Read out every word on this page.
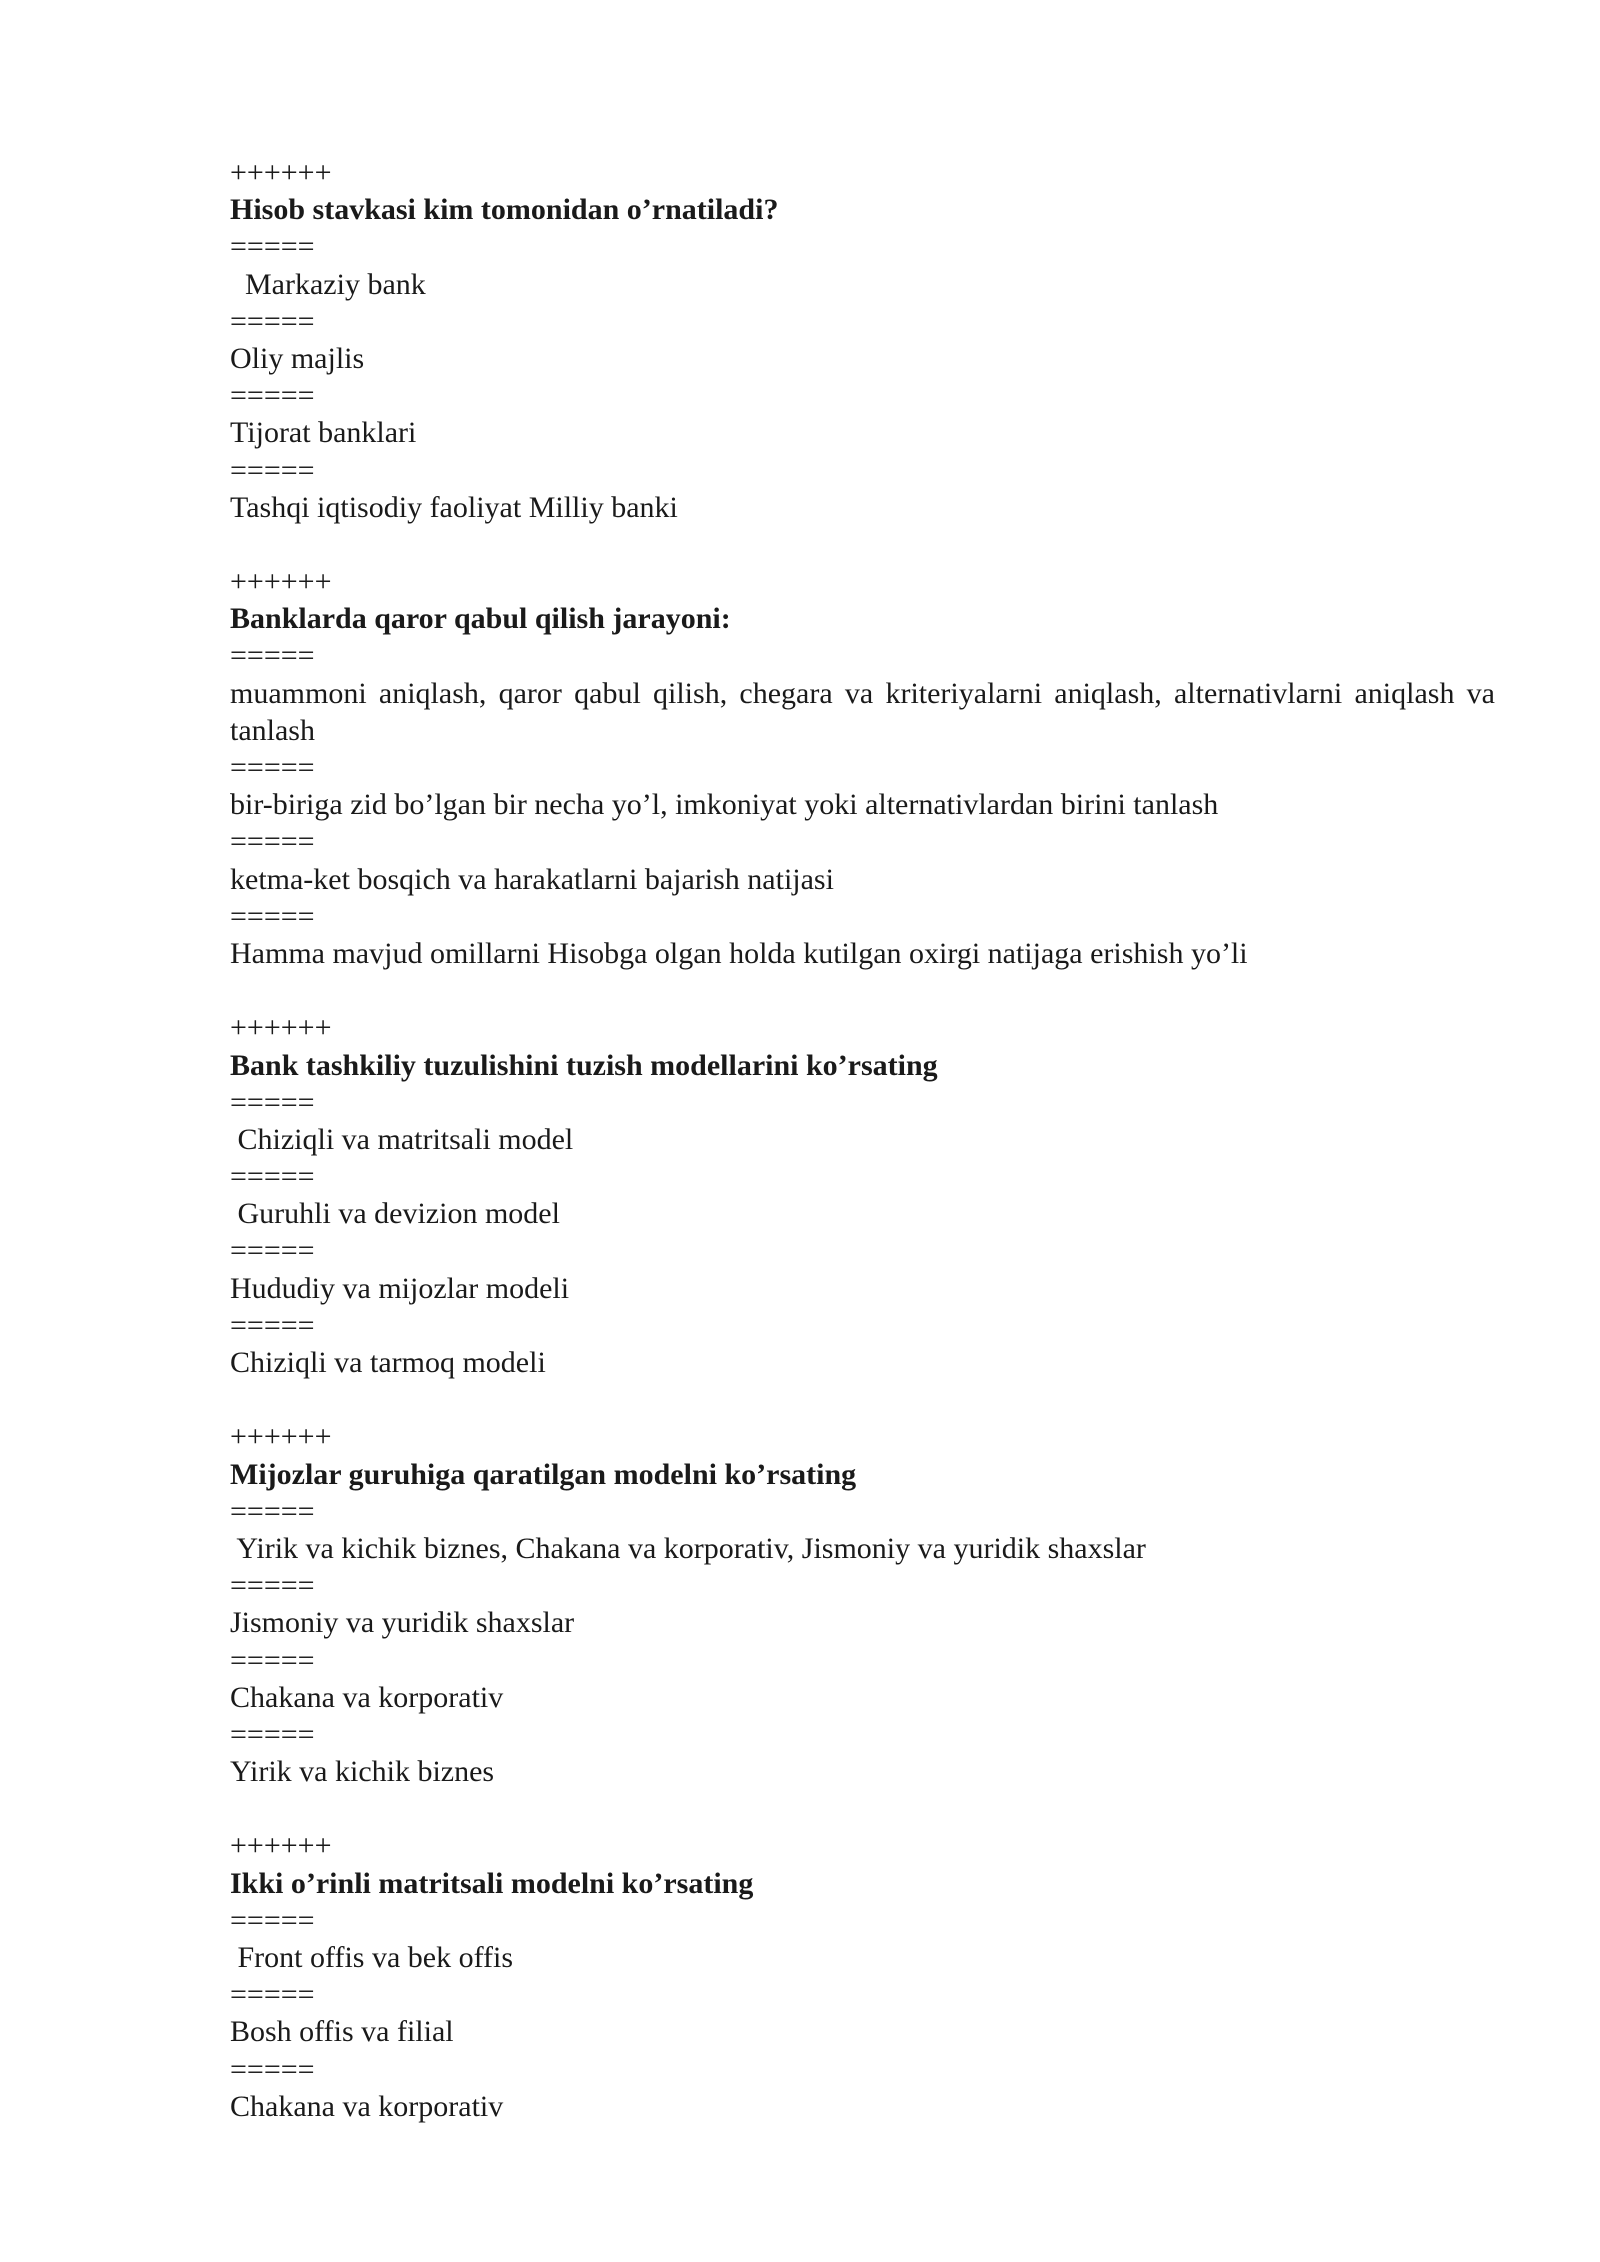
++++++
Hisob stavkasi kim tomonidan o’rnatiladi?
=====
Markaziy bank
=====
Oliy majlis
=====
Tijorat banklari
=====
Tashqi iqtisodiy faoliyat Milliy banki
++++++
Banklarda qaror qabul qilish jarayoni:
=====
muammoni aniqlash, qaror qabul qilish, chegara va kriteriyalarni aniqlash, alternativlarni aniqlash va tanlash
=====
bir-biriga zid bo’lgan bir necha yo’l, imkoniyat yoki alternativlardan birini tanlash
=====
ketma-ket bosqich va harakatlarni bajarish natijasi
=====
Hamma mavjud omillarni Hisobga olgan holda kutilgan oxirgi natijaga erishish yo’li
++++++
Bank tashkiliy tuzulishini tuzish modellarini ko’rsating
=====
Chiziqli va matritsali model
=====
Guruhli va devizion model
=====
Hududiy va mijozlar modeli
=====
Chiziqli va tarmoq modeli
++++++
Mijozlar guruhiga qaratilgan modelni ko’rsating
=====
Yirik va kichik biznes, Chakana va korporativ, Jismoniy va yuridik shaxslar
=====
Jismoniy va yuridik shaxslar
=====
Chakana va korporativ
=====
Yirik va kichik biznes
++++++
Ikki o’rinli matritsali modelni ko’rsating
=====
Front offis va bek offis
=====
Bosh offis va filial
=====
Chakana va korporativ
